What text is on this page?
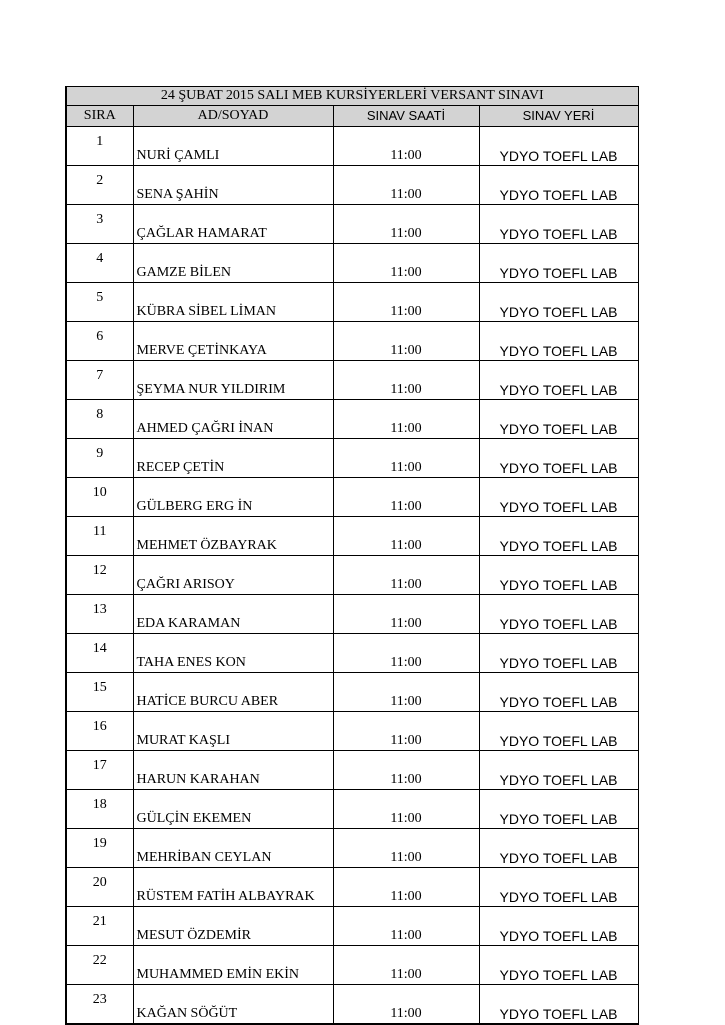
24 ŞUBAT 2015 SALI MEB KURSİYERLERİ VERSANT SINAVI			
SIRA	AD/SOYAD	SINAV SAATİ	SINAV YERİ
1	NURİ ÇAMLI	11:00	YDYO TOEFL LAB
2	SENA ŞAHİN	11:00	YDYO TOEFL LAB
3	ÇAĞLAR HAMARAT	11:00	YDYO TOEFL LAB
4	GAMZE BİLEN	11:00	YDYO TOEFL LAB
5	KÜBRA SİBEL LİMAN	11:00	YDYO TOEFL LAB
6	MERVE ÇETİNKAYA	11:00	YDYO TOEFL LAB
7	ŞEYMA NUR YILDIRIM	11:00	YDYO TOEFL LAB
8	AHMED ÇAĞRI İNAN	11:00	YDYO TOEFL LAB
9	RECEP ÇETİN	11:00	YDYO TOEFL LAB
10	GÜLBERG ERG İN	11:00	YDYO TOEFL LAB
11	MEHMET ÖZBAYRAK	11:00	YDYO TOEFL LAB
12	ÇAĞRI ARISOY	11:00	YDYO TOEFL LAB
13	EDA KARAMAN	11:00	YDYO TOEFL LAB
14	TAHA ENES KON	11:00	YDYO TOEFL LAB
15	HATİCE BURCU ABER	11:00	YDYO TOEFL LAB
16	MURAT KAŞLI	11:00	YDYO TOEFL LAB
17	HARUN KARAHAN	11:00	YDYO TOEFL LAB
18	GÜLÇİN EKEMEN	11:00	YDYO TOEFL LAB
19	MEHRİBAN CEYLAN	11:00	YDYO TOEFL LAB
20	RÜSTEM FATİH ALBAYRAK	11:00	YDYO TOEFL LAB
21	MESUT ÖZDEMİR	11:00	YDYO TOEFL LAB
22	MUHAMMED EMİN EKİN	11:00	YDYO TOEFL LAB
23	KAĞAN SÖĞÜT	11:00	YDYO TOEFL LAB
